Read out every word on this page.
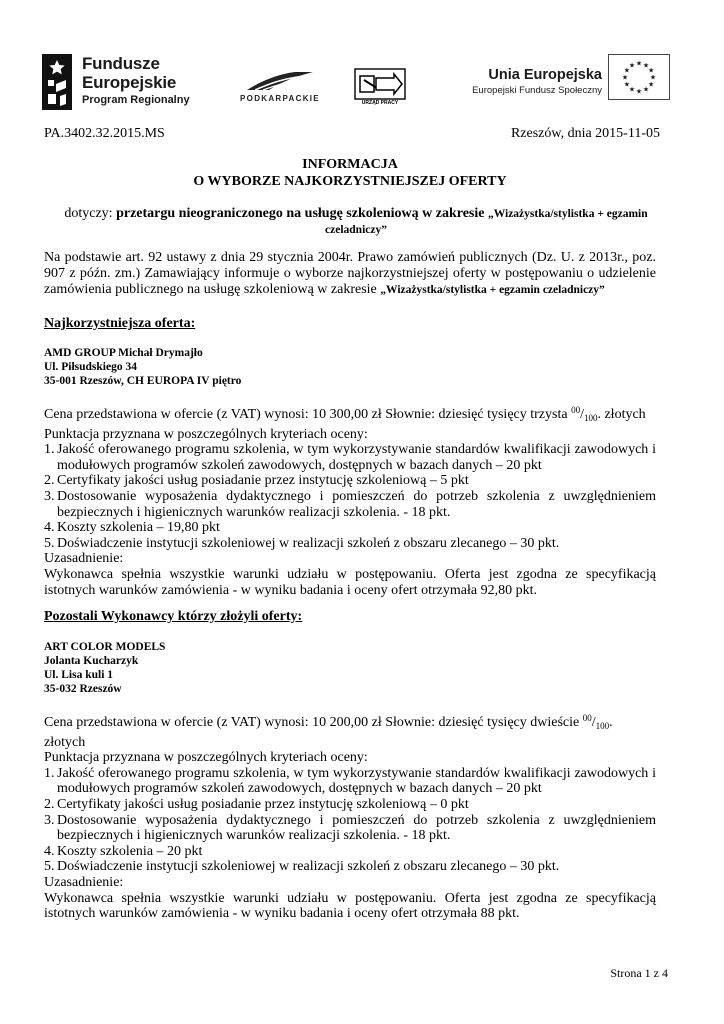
Fundusze
Europejskie
Program Regionalny	PODKARPACKIE	URZĄD PRACY
Unia Europejska
Europejski Fundusz Społeczny
★ ★
★
★
★
★
★
★
★
★
★
★
PA.3402.32.2015.MS	Rzeszów, dnia 2015-11-05
INFORMACJA
O WYBORZE NAJKORZYSTNIEJSZEJ OFERTY
dotyczy: przetargu nieograniczonego na usługę szkoleniową w zakresie „Wizażystka/stylistka + egzamin czeladniczy”
Na podstawie art. 92 ustawy z dnia 29 stycznia 2004r. Prawo zamówień publicznych (Dz. U. z 2013r., poz. 907 z późn. zm.) Zamawiający informuje o wyborze najkorzystniejszej oferty w postępowaniu o udzielenie zamówienia publicznego na usługę szkoleniową w zakresie „Wizażystka/stylistka + egzamin czeladniczy”
Najkorzystniejsza oferta:
AMD GROUP Michał Drymajło
Ul. Piłsudskiego 34
35-001 Rzeszów, CH EUROPA IV piętro

Cena przedstawiona w ofercie (z VAT) wynosi: 10 300,00 zł Słownie: dziesięć tysięcy trzysta $^{00}/_{100}$. złotych

Punktacja przyznana w poszczególnych kryteriach oceny:

1. Jakość oferowanego programu szkolenia, w tym wykorzystywanie standardów kwalifikacji zawodowych i modułowych programów szkoleń zawodowych, dostępnych w bazach danych – 20 pkt
2. Certyfikaty jakości usług posiadanie przez instytucję szkoleniową – 5 pkt
3. Dostosowanie wyposażenia dydaktycznego i pomieszczeń do potrzeb szkolenia z uwzględnieniem bezpiecznych i higienicznych warunków realizacji szkolenia. - 18 pkt.
4. Koszty szkolenia – 19,80 pkt
5. Doświadczenie instytucji szkoleniowej w realizacji szkoleń z obszaru zlecanego – 30 pkt.

Uzasadnienie:

Wykonawca spełnia wszystkie warunki udziału w postępowaniu. Oferta jest zgodna ze specyfikacją istotnych warunków zamówienia - w wyniku badania i oceny ofert otrzymała 92,80 pkt.

Pozostali Wykonawcy którzy złożyli oferty:
ART COLOR MODELS
Jolanta Kucharzyk
Ul. Lisa kuli 1
35-032 Rzeszów

Cena przedstawiona w ofercie (z VAT) wynosi: 10 200,00 zł Słownie: dziesięć tysięcy dwieście $^{00}/_{100}$. złotych

Punktacja przyznana w poszczególnych kryteriach oceny:

1. Jakość oferowanego programu szkolenia, w tym wykorzystywanie standardów kwalifikacji zawodowych i modułowych programów szkoleń zawodowych, dostępnych w bazach danych – 20 pkt
2. Certyfikaty jakości usług posiadanie przez instytucję szkoleniową – 0 pkt
3. Dostosowanie wyposażenia dydaktycznego i pomieszczeń do potrzeb szkolenia z uwzględnieniem bezpiecznych i higienicznych warunków realizacji szkolenia. - 18 pkt.
4. Koszty szkolenia – 20 pkt
5. Doświadczenie instytucji szkoleniowej w realizacji szkoleń z obszaru zlecanego – 30 pkt.

Uzasadnienie:

Wykonawca spełnia wszystkie warunki udziału w postępowaniu. Oferta jest zgodna ze specyfikacją istotnych warunków zamówienia - w wyniku badania i oceny ofert otrzymała 88 pkt.

Strona 1 z 4
